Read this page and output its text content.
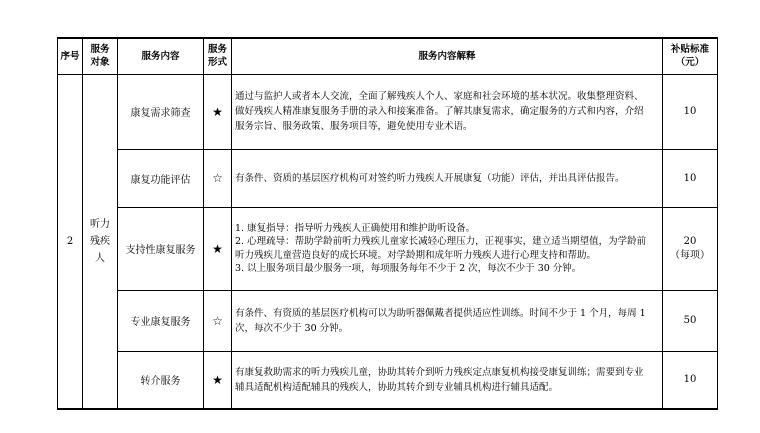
序号	服务对象	服务内容	服务形式	服务内容解释	补贴标准（元）
2	听力残疾人	康复需求筛查	★	通过与监护人或者本人交流，全面了解残疾人个人、家庭和社会环境的基本状况。收集整理资料、
做好残疾人精准康复服务手册的录入和接案准备。了解其康复需求，确定服务的方式和内容，介绍
服务宗旨、服务政策、服务项目等，避免使用专业术语。	10
		康复功能评估	☆	有条件、资质的基层医疗机构可对签约听力残疾人开展康复（功能）评估，并出具评估报告。	10
		支持性康复服务	★	1. 康复指导：指导听力残疾人正确使用和维护助听设备。
2. 心理疏导：帮助学龄前听力残疾儿童家长减轻心理压力，正视事实，建立适当期望值，为学龄前
听力残疾儿童营造良好的成长环境。对学龄期和成年听力残疾人进行心理支持和帮助。
3. 以上服务项目最少服务一项，每项服务每年不少于 2 次，每次不少于 30 分钟。	20
（每项）

		专业康复服务	☆	有条件、有资质的基层医疗机构可以为助听器佩戴者提供适应性训练。时间不少于 1 个月，每周 1
次，每次不少于 30 分钟。	50
		转介服务	★	有康复救助需求的听力残疾儿童，协助其转介到听力残疾定点康复机构接受康复训练；需要到专业
辅具适配机构适配辅具的残疾人，协助其转介到专业辅具机构进行辅具适配。	10
